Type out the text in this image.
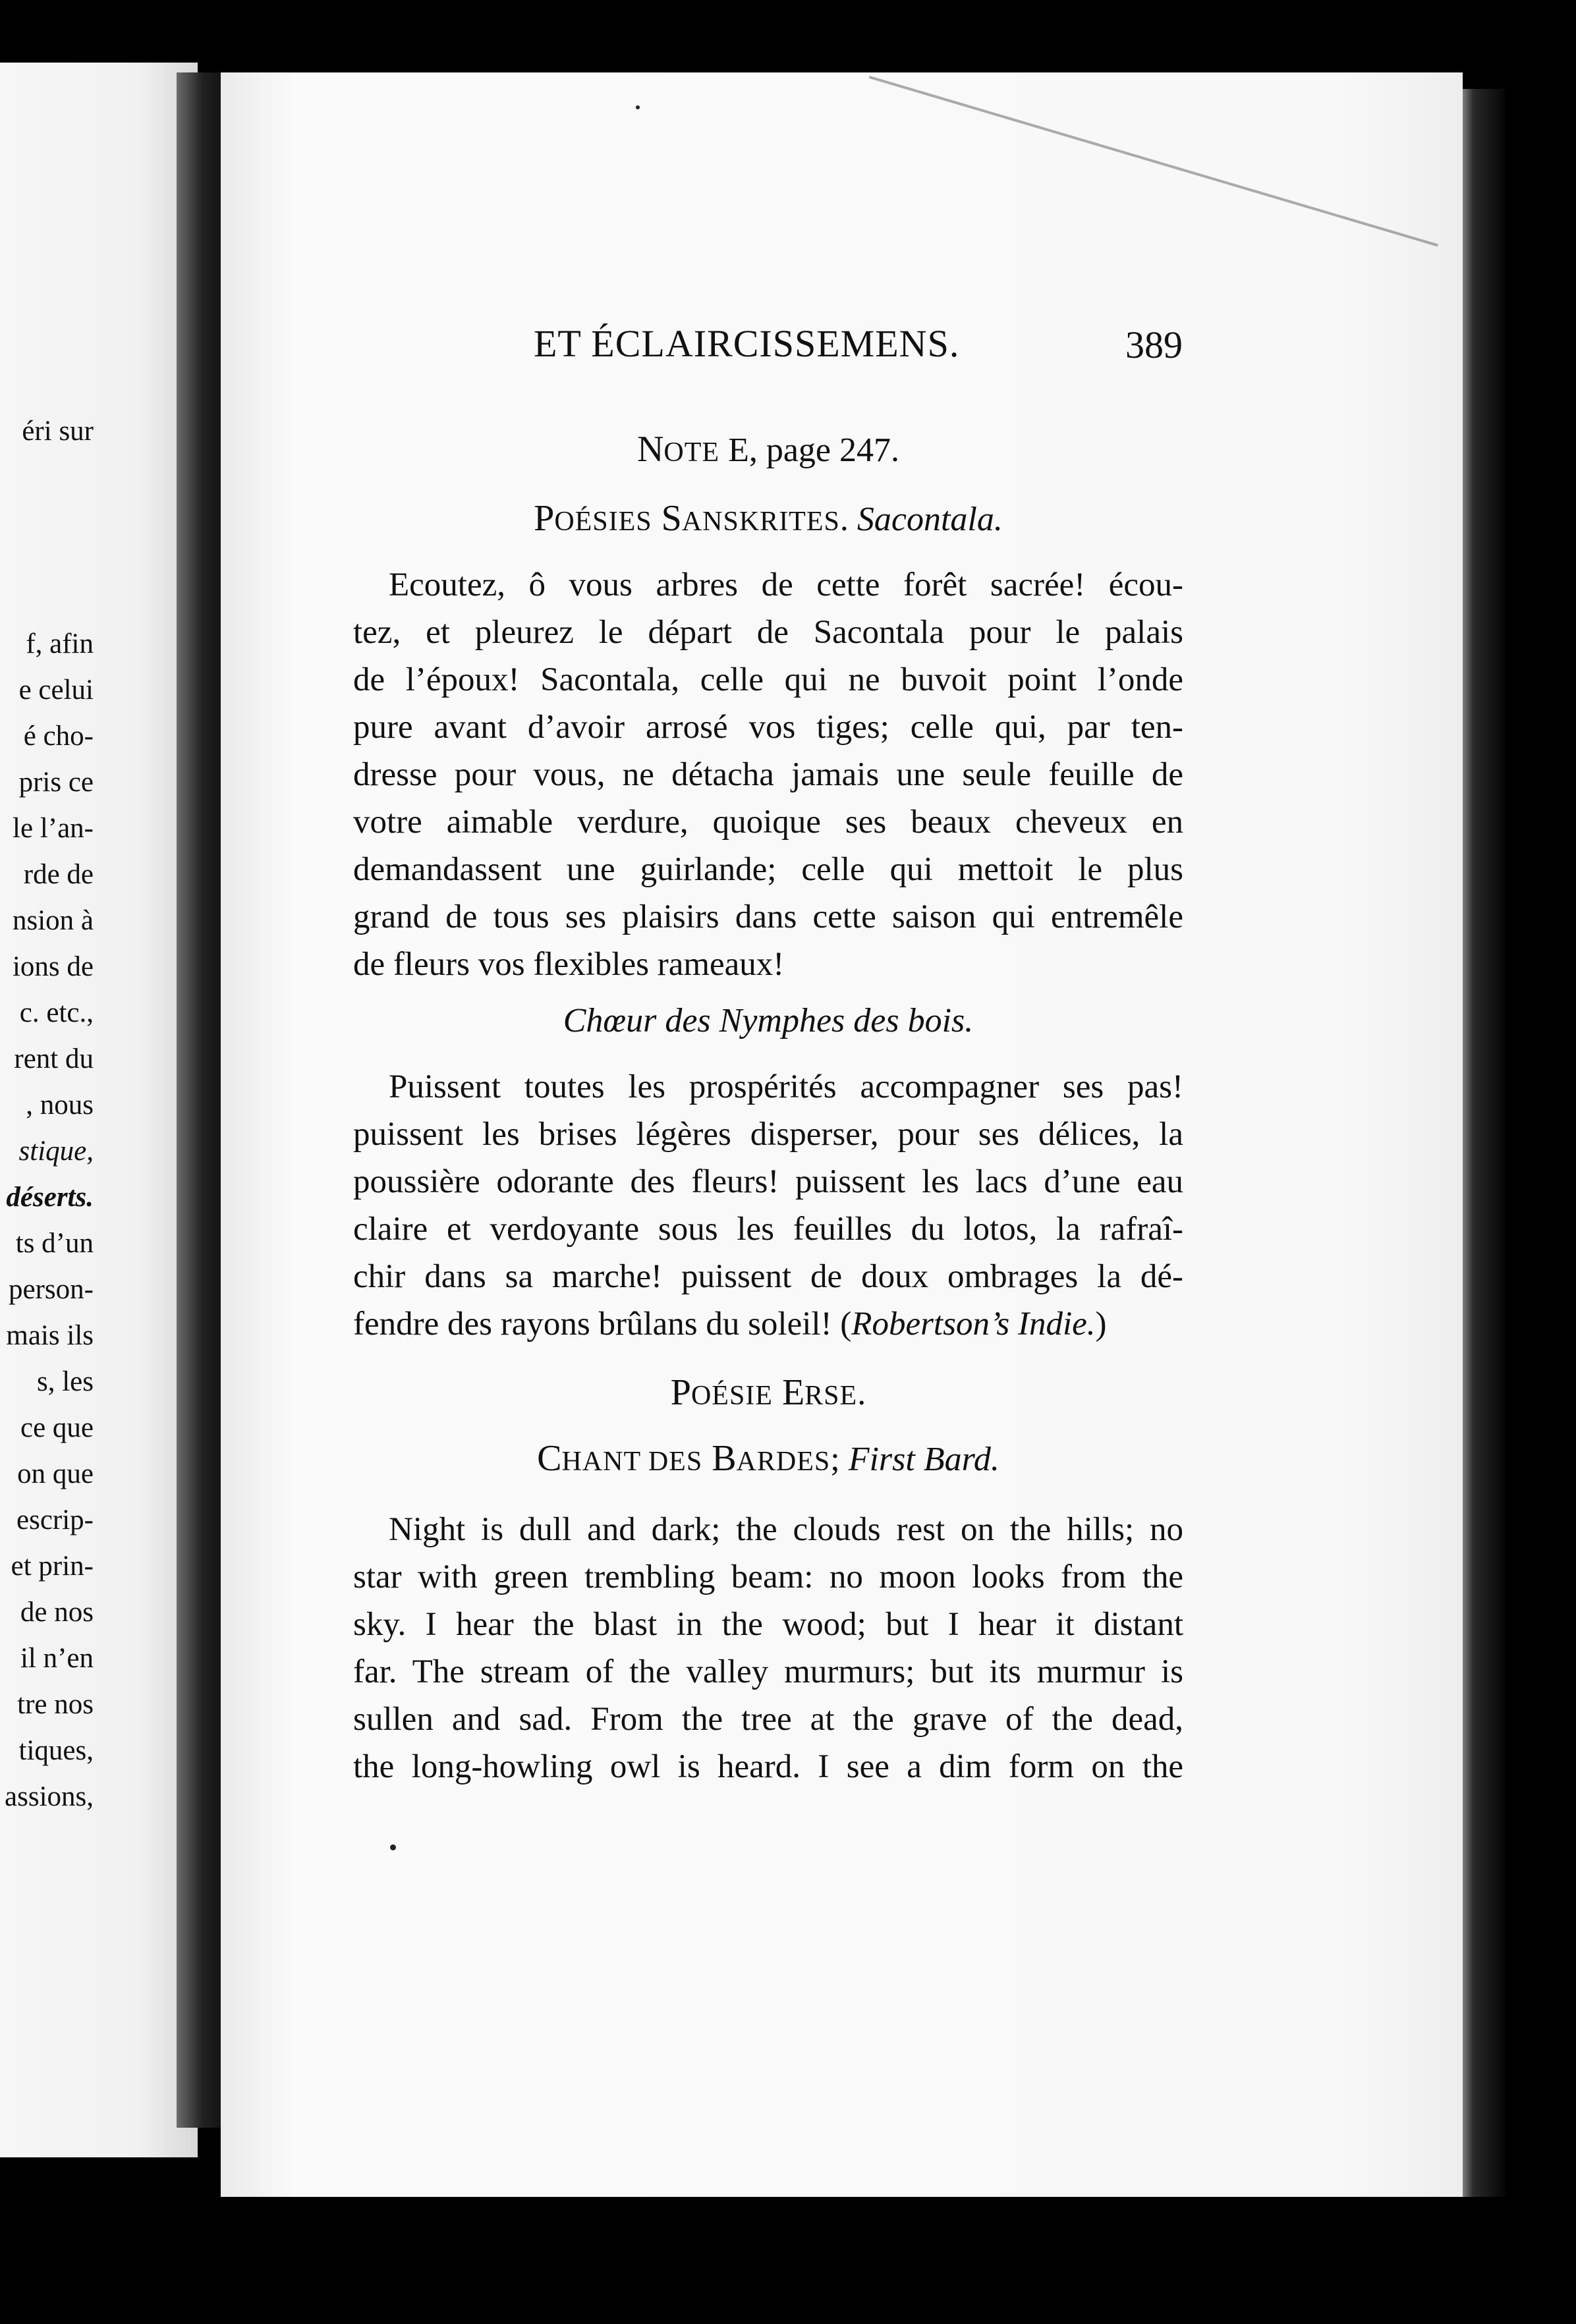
éri sur
f, afin
e celui
é cho-
pris ce
le l’an-
rde de
nsion à
ions de
c. etc.,
rent du
, nous
stique,
déserts.
ts d’un
person-
mais ils
s, les
ce que
on que
escrip-
et prin-
de nos
il n’en
tre nos
tiques,
assions,
ET ÉCLAIRCISSEMENS.	389
NOTE E, page 247.
POÉSIES SANSKRITES. Sacontala.
Ecoutez, ô vous arbres de cette forêt sacrée! écou-
tez, et pleurez le départ de Sacontala pour le palais
de l’époux! Sacontala, celle qui ne buvoit point l’onde
pure avant d’avoir arrosé vos tiges; celle qui, par ten-
dresse pour vous, ne détacha jamais une seule feuille de
votre aimable verdure, quoique ses beaux cheveux en
demandassent une guirlande; celle qui mettoit le plus
grand de tous ses plaisirs dans cette saison qui entremêle
de fleurs vos flexibles rameaux!
Chœur des Nymphes des bois.
Puissent toutes les prospérités accompagner ses pas!
puissent les brises légères disperser, pour ses délices, la
poussière odorante des fleurs! puissent les lacs d’une eau
claire et verdoyante sous les feuilles du lotos, la rafraî-
chir dans sa marche! puissent de doux ombrages la dé-
fendre des rayons brûlans du soleil! (Robertson’s Indie.)
POÉSIE ERSE.
CHANT DES BARDES; First Bard.
Night is dull and dark; the clouds rest on the hills; no
star with green trembling beam: no moon looks from the
sky. I hear the blast in the wood; but I hear it distant
far. The stream of the valley murmurs; but its murmur is
sullen and sad. From the tree at the grave of the dead,
the long-howling owl is heard. I see a dim form on the
